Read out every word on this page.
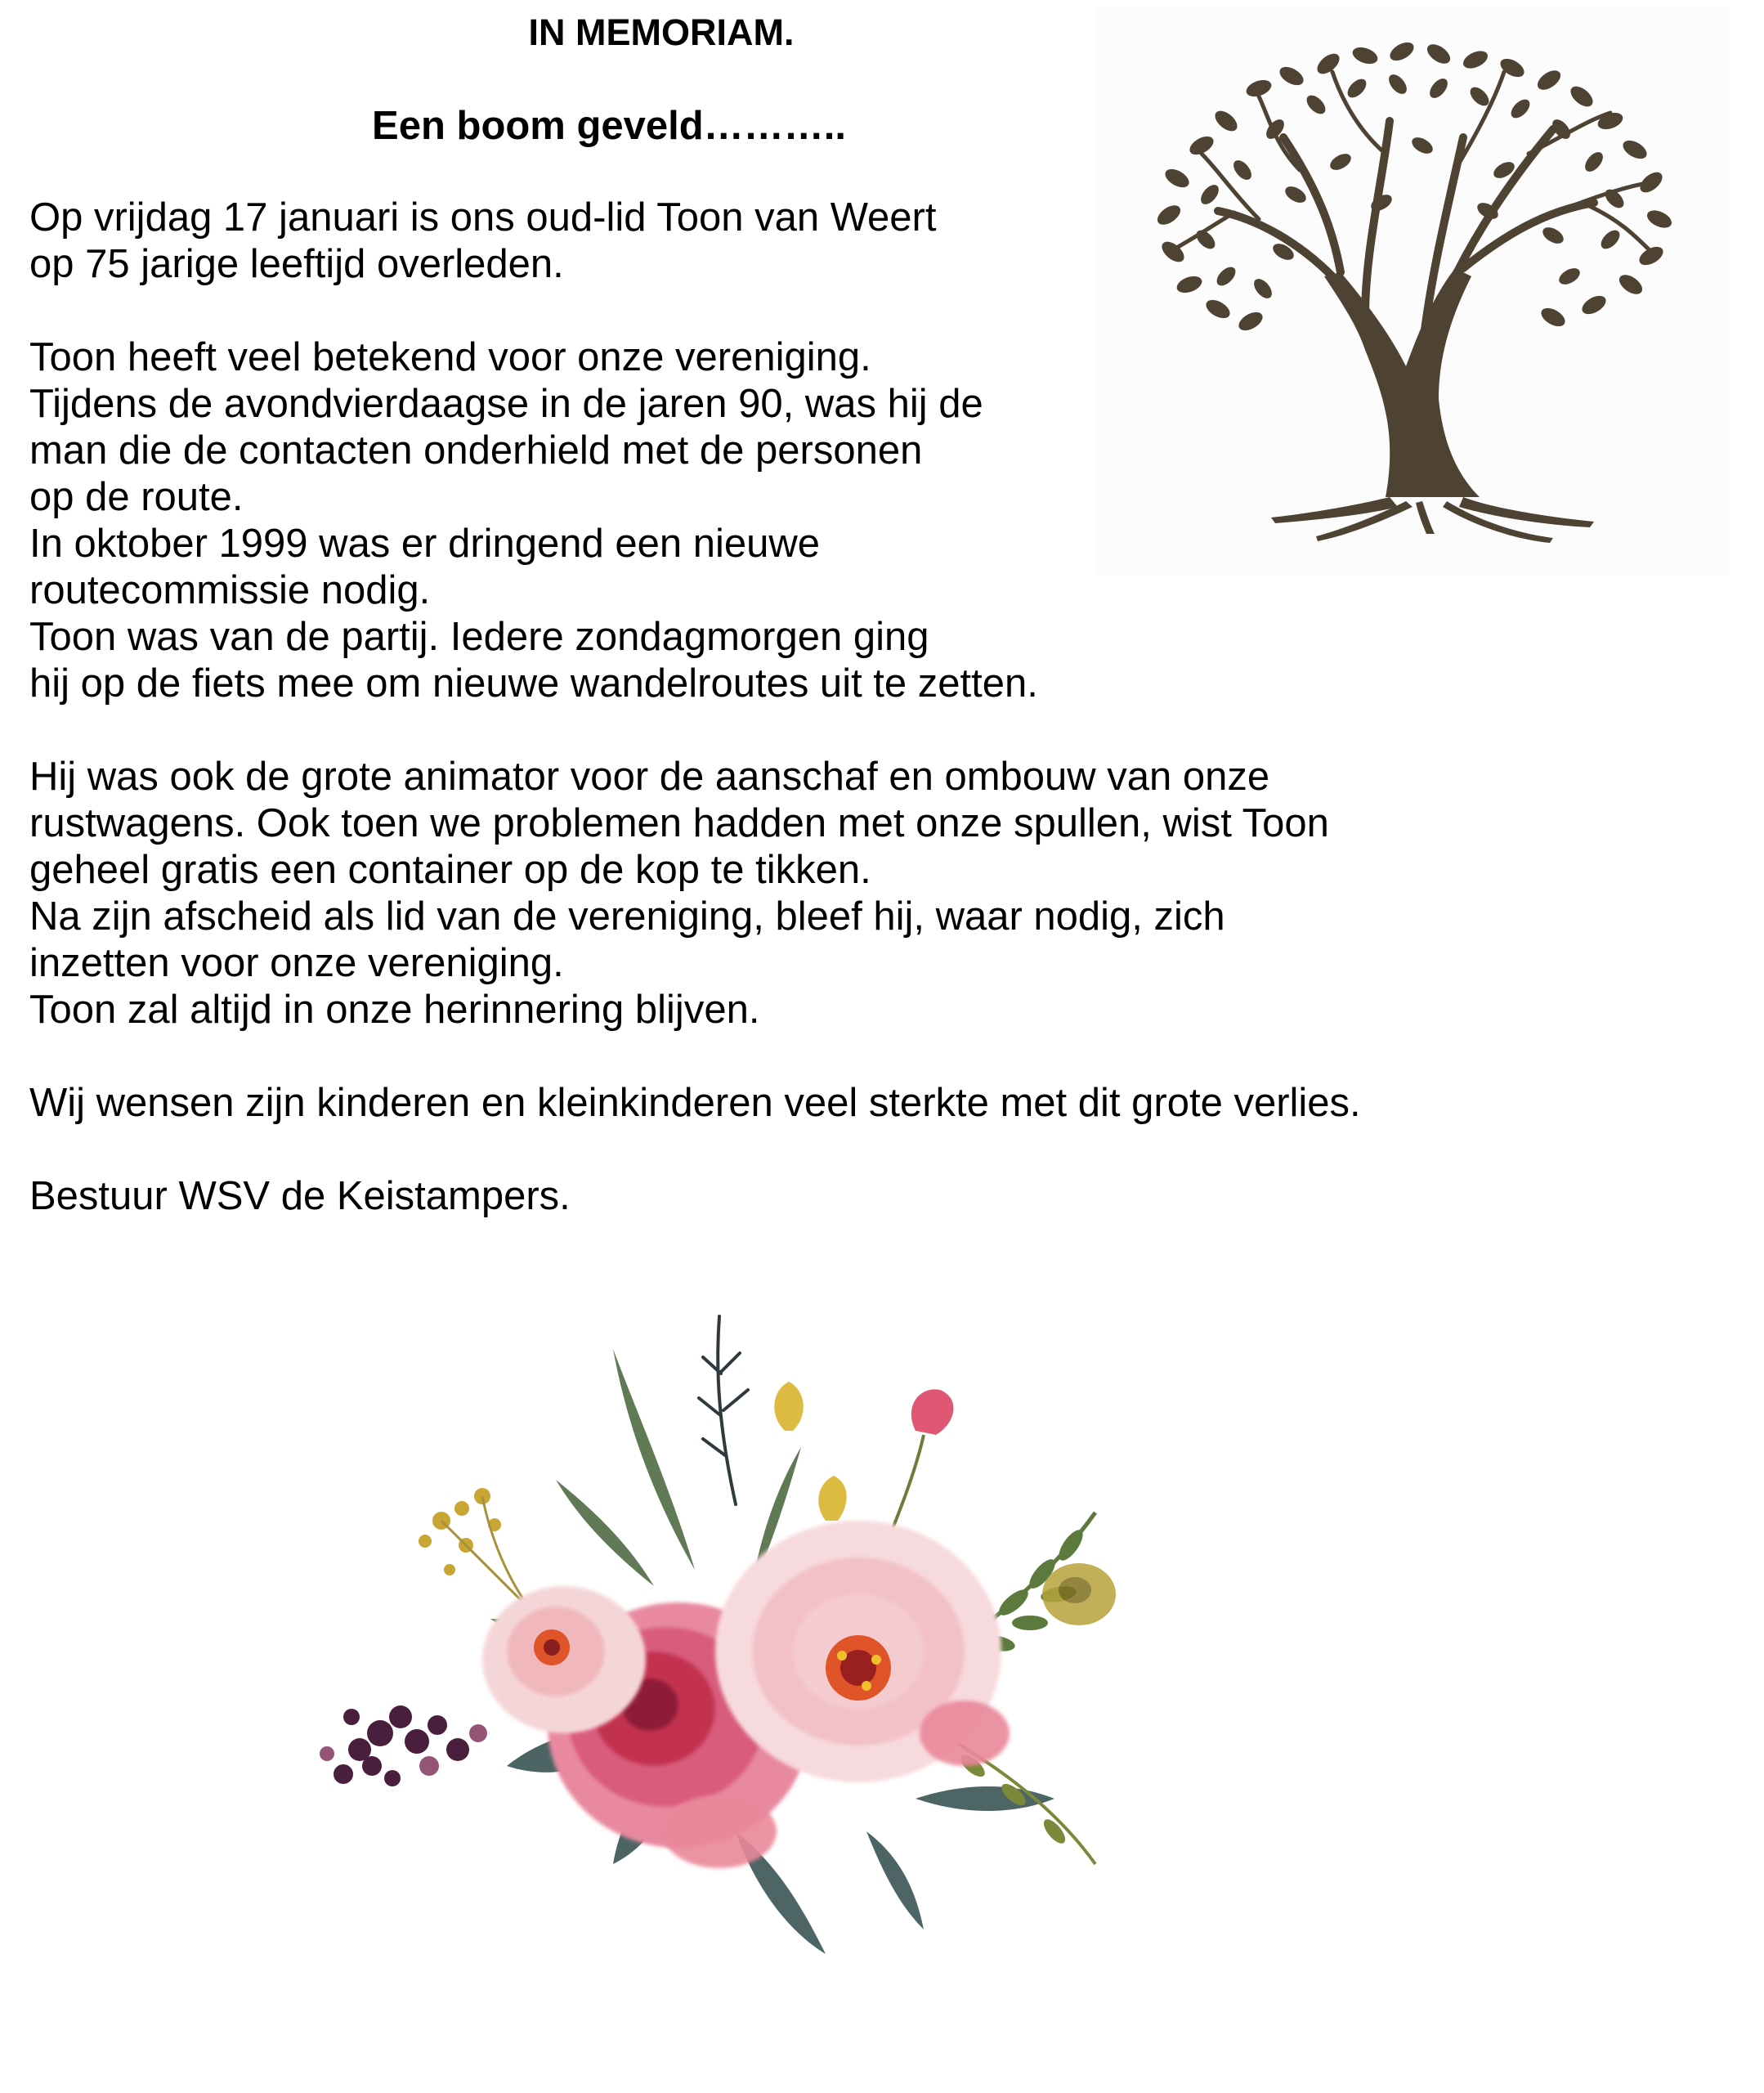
IN MEMORIAM.
Een boom geveld………..
Op vrijdag 17 januari is ons oud-lid Toon van Weert
op 75 jarige leeftijd overleden.
Toon heeft veel betekend voor onze vereniging.
Tijdens de avondvierdaagse in de jaren 90, was hij de
man die de contacten onderhield met de personen
op de route.
In oktober 1999 was er dringend een nieuwe
routecommissie nodig.
Toon was van de partij. Iedere zondagmorgen ging
hij op de fiets mee om nieuwe wandelroutes uit te zetten.
Hij was ook de grote animator voor de aanschaf en ombouw van onze
rustwagens. Ook toen we problemen hadden met onze spullen, wist Toon
geheel gratis een container op de kop te tikken.
Na zijn afscheid als lid van de vereniging, bleef hij, waar nodig, zich
inzetten voor onze vereniging.
Toon zal altijd in onze herinnering blijven.
Wij wensen zijn kinderen en kleinkinderen veel sterkte met dit grote verlies.
Bestuur WSV de Keistampers.
